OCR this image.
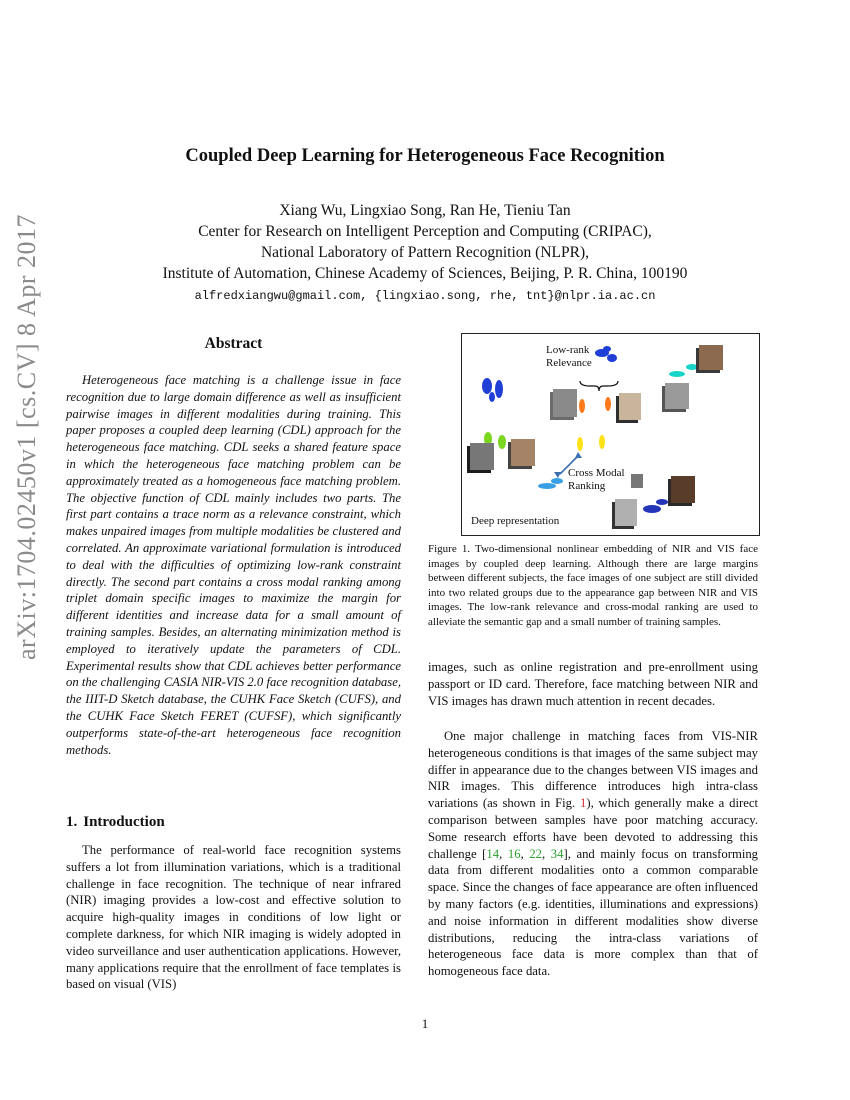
arXiv:1704.02450v1 [cs.CV] 8 Apr 2017
Coupled Deep Learning for Heterogeneous Face Recognition
Xiang Wu, Lingxiao Song, Ran He, Tieniu Tan
Center for Research on Intelligent Perception and Computing (CRIPAC),
National Laboratory of Pattern Recognition (NLPR),
Institute of Automation, Chinese Academy of Sciences, Beijing, P. R. China, 100190
alfredxiangwu@gmail.com, {lingxiao.song, rhe, tnt}@nlpr.ia.ac.cn
Abstract

Heterogeneous face matching is a challenge issue in face recognition due to large domain difference as well as insufficient pairwise images in different modalities during training. This paper proposes a coupled deep learning (CDL) approach for the heterogeneous face matching. CDL seeks a shared feature space in which the heterogeneous face matching problem can be approximately treated as a homogeneous face matching problem. The objective function of CDL mainly includes two parts. The first part contains a trace norm as a relevance constraint, which makes unpaired images from multiple modalities be clustered and correlated. An approximate variational formulation is introduced to deal with the difficulties of optimizing low-rank constraint directly. The second part contains a cross modal ranking among triplet domain specific images to maximize the margin for different identities and increase data for a small amount of training samples. Besides, an alternating minimization method is employed to iteratively update the parameters of CDL. Experimental results show that CDL achieves better performance on the challenging CASIA NIR-VIS 2.0 face recognition database, the IIIT-D Sketch database, the CUHK Face Sketch (CUFS), and the CUHK Face Sketch FERET (CUFSF), which significantly outperforms state-of-the-art heterogeneous face recognition methods.

1. Introduction

The performance of real-world face recognition systems suffers a lot from illumination variations, which is a traditional challenge in face recognition. The technique of near infrared (NIR) imaging provides a low-cost and effective solution to acquire high-quality images in conditions of low light or complete darkness, for which NIR imaging is widely adopted in video surveillance and user authentication applications. However, many applications require that the enrollment of face templates is based on visual (VIS)

Low-rank
Relevance
Cross Modal
Ranking
Deep representation

Figure 1. Two-dimensional nonlinear embedding of NIR and VIS face images by coupled deep learning. Although there are large margins between different subjects, the face images of one subject are still divided into two related groups due to the appearance gap between NIR and VIS images. The low-rank relevance and cross-modal ranking are used to alleviate the semantic gap and a small number of training samples.

images, such as online registration and pre-enrollment using passport or ID card. Therefore, face matching between NIR and VIS images has drawn much attention in recent decades.

One major challenge in matching faces from VIS-NIR heterogeneous conditions is that images of the same subject may differ in appearance due to the changes between VIS images and NIR images. This difference introduces high intra-class variations (as shown in Fig. 1), which generally make a direct comparison between samples have poor matching accuracy. Some research efforts have been devoted to addressing this challenge [14, 16, 22, 34], and mainly focus on transforming data from different modalities onto a common comparable space. Since the changes of face appearance are often influenced by many factors (e.g. identities, illuminations and expressions) and noise information in different modalities show diverse distributions, reducing the intra-class variations of heterogeneous face data is more complex than that of homogeneous face data.

1
